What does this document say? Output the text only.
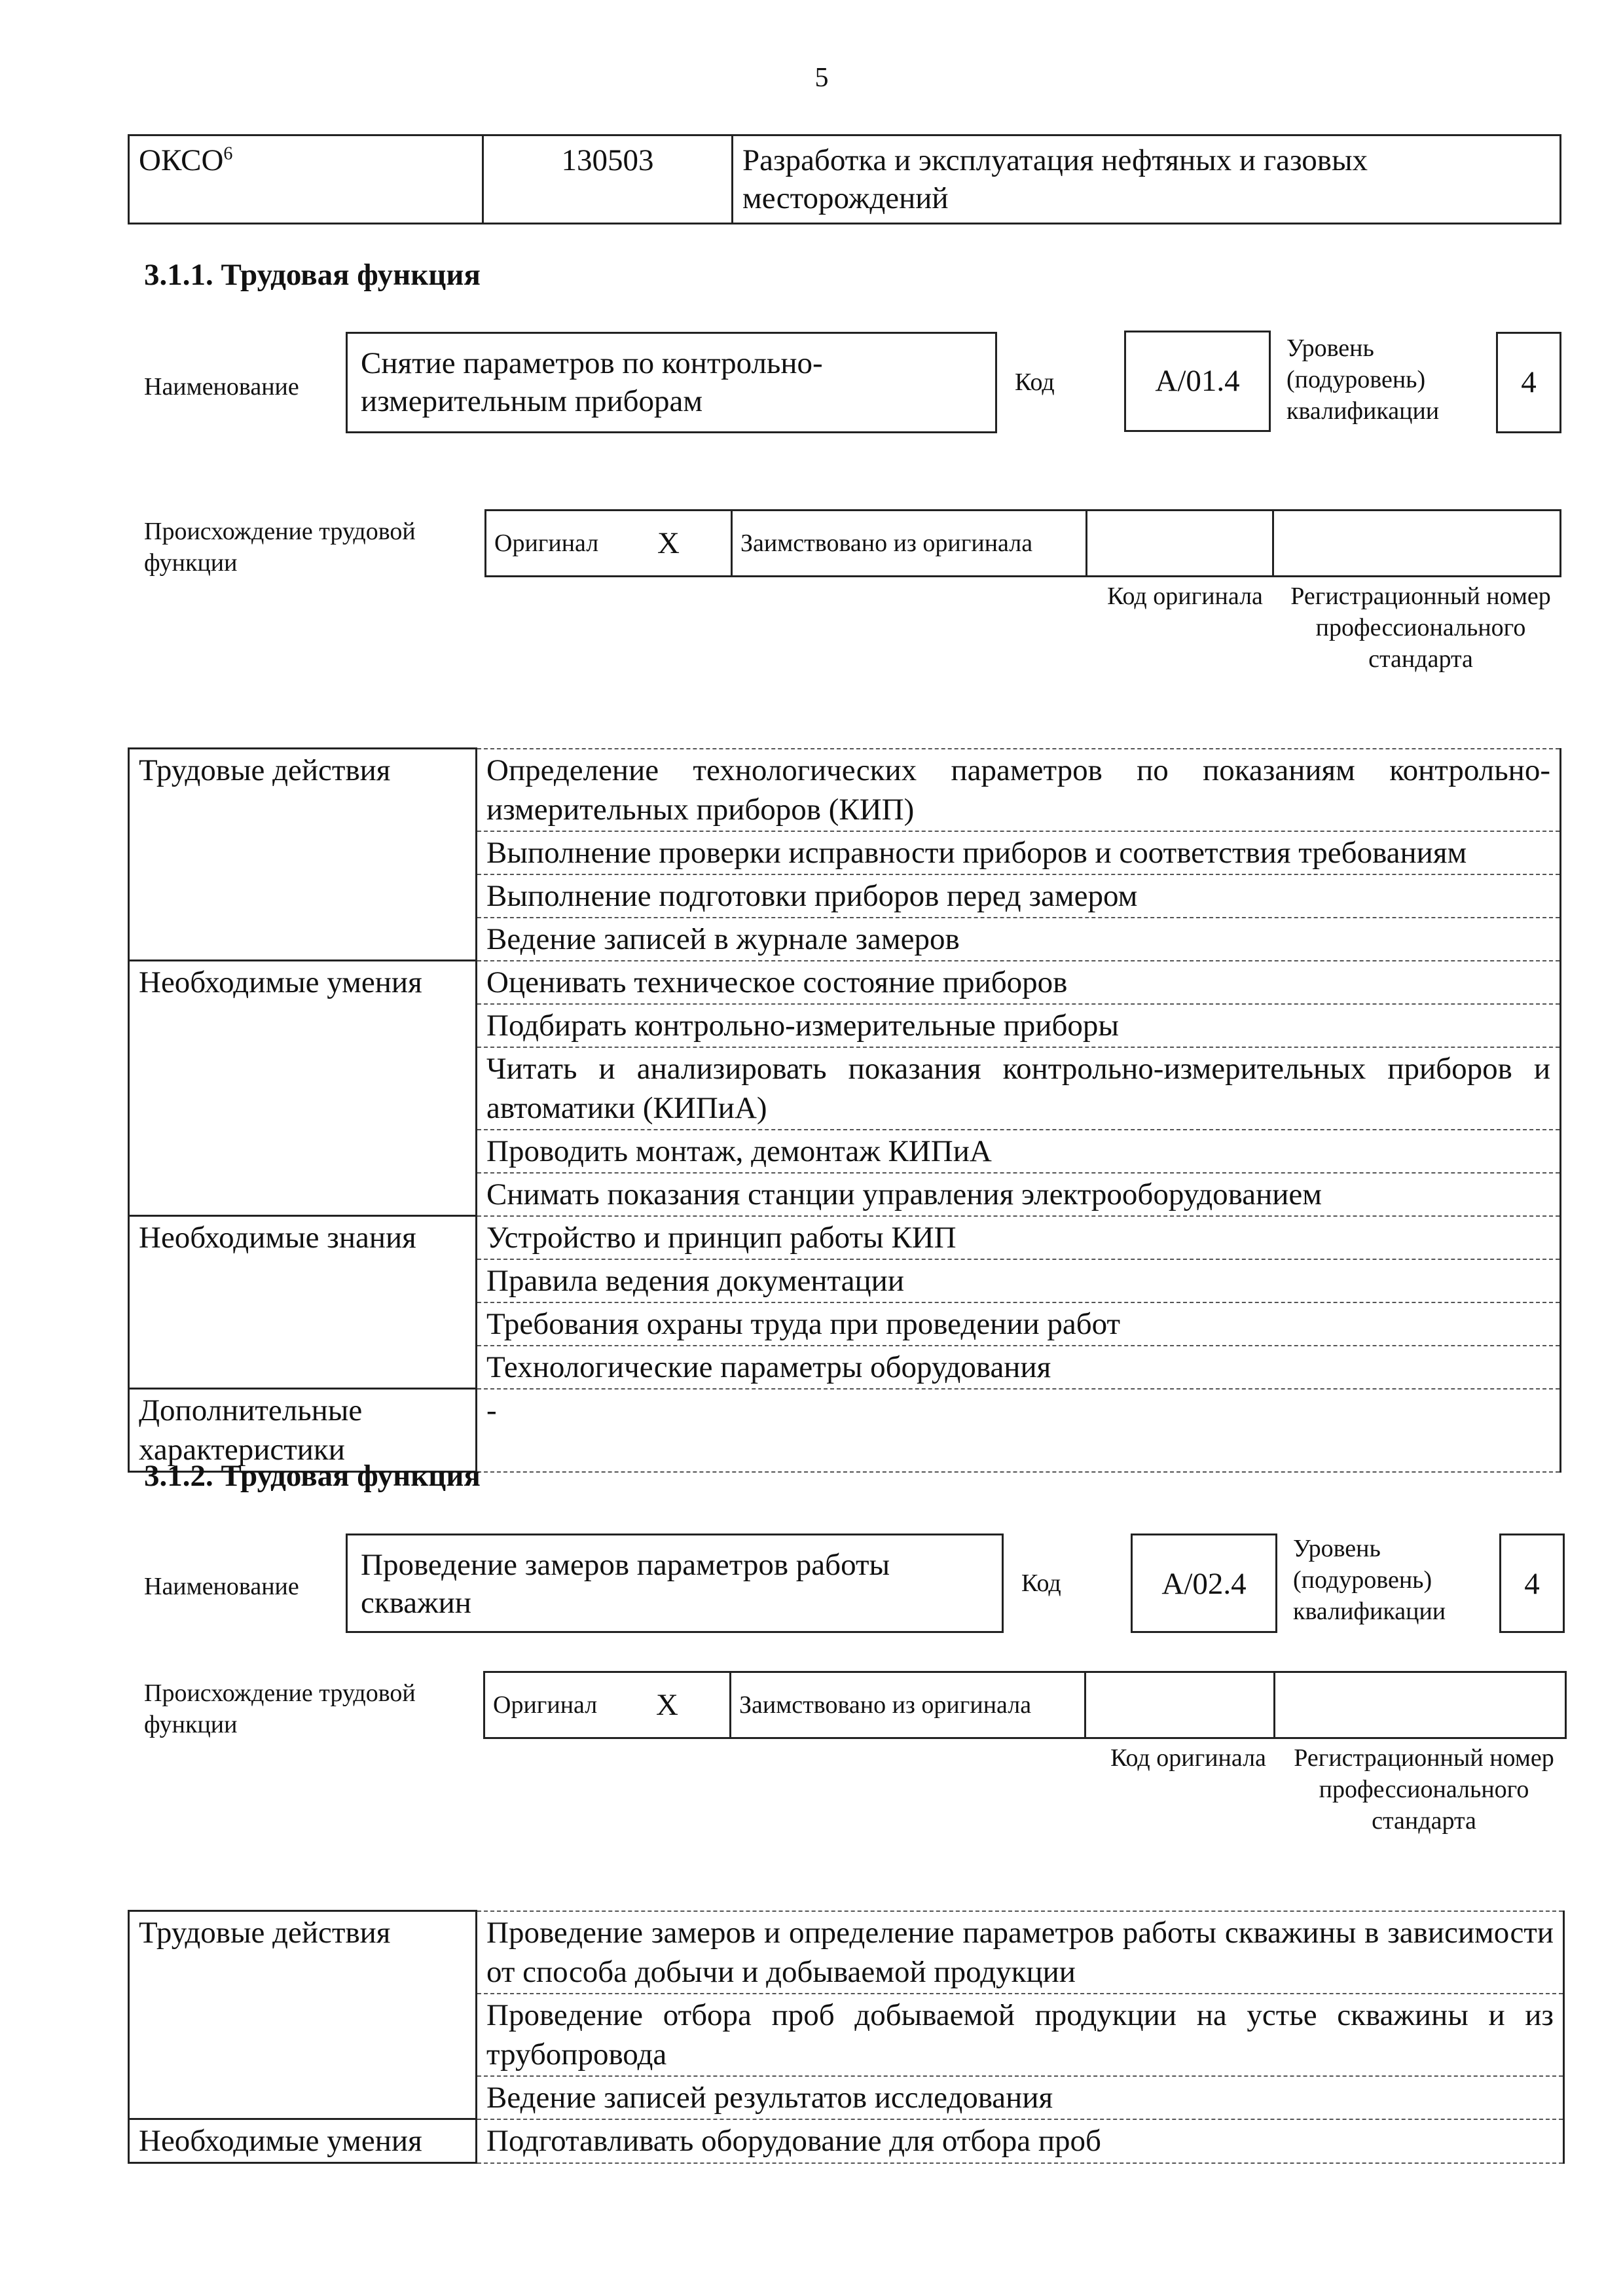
5
ОКСО$^6$	130503	Разработка и эксплуатация нефтяных и газовых месторождений
3.1.1. Трудовая функция
Наименование
Снятие параметров по контрольно-измерительным приборам
Код	А/01.4
Уровень (подуровень) квалификации
4
Происхождение трудовой функции
Оригинал	X	Заимствовано из оригинала		
Код оригинала Регистрационный номер профессионального стандарта
Трудовые действия	Определение технологических параметров по показаниям контрольно-измерительных приборов (КИП)
	Выполнение проверки исправности приборов и соответствия требованиям
	Выполнение подготовки приборов перед замером
	Ведение записей в журнале замеров
Необходимые умения	Оценивать техническое состояние приборов
	Подбирать контрольно-измерительные приборы
	Читать и анализировать показания контрольно-измерительных приборов и автоматики (КИПиА)
	Проводить монтаж, демонтаж КИПиА
	Снимать показания станции управления электрооборудованием
Необходимые знания	Устройство и принцип работы КИП
	Правила ведения документации
	Требования охраны труда при проведении работ
	Технологические параметры оборудования
Дополнительные характеристики	-
3.1.2. Трудовая функция
Наименование
Проведение замеров параметров работы скважин
Код	А/02.4
Уровень (подуровень) квалификации
4
Происхождение трудовой функции
Оригинал	X	Заимствовано из оригинала		
Код оригинала Регистрационный номер профессионального стандарта
Трудовые действия	Проведение замеров и определение параметров работы скважины в зависимости от способа добычи и добываемой продукции
	Проведение отбора проб добываемой продукции на устье скважины и из трубопровода
	Ведение записей результатов исследования
Необходимые умения	Подготавливать оборудование для отбора проб
